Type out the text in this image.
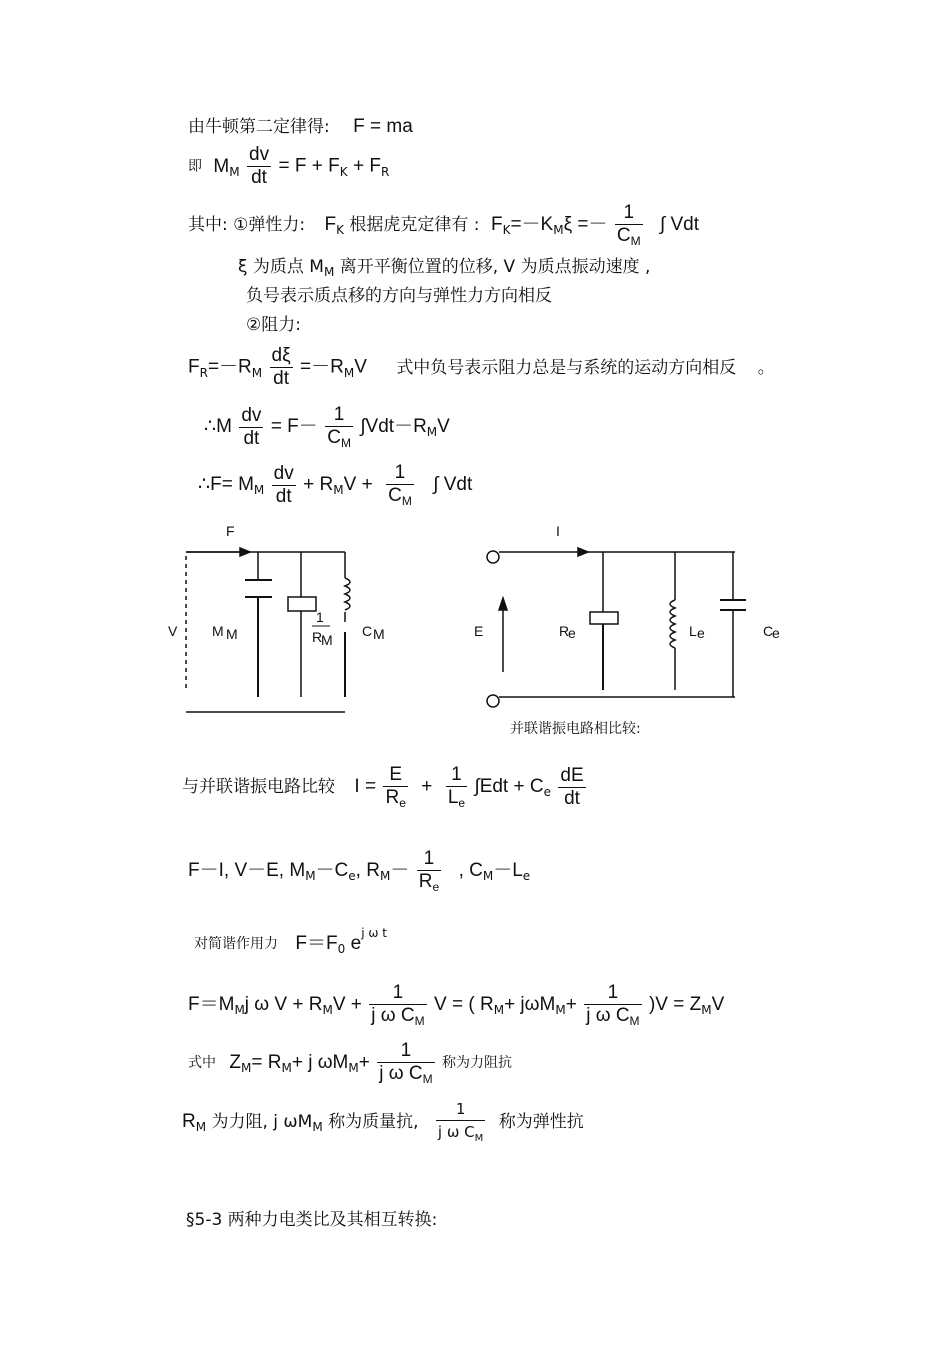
由牛顿第二定律得: F = ma
即 $M_M \frac{dv}{dt} = F + F_K + F_R$
其中: ①弹性力: $F_K$ 根据虎克定律有 : $F_K=-K_M\xi =- \frac{1}{C_M}$ ∫ Vdt
ξ 为质点 $M_M$ 离开平衡位置的位移, V 为质点振动速度 ,
负号表示质点移的方向与弹性力方向相反
②阻力:
$F_R=-R_M \frac{d\xi}{dt} =-R_MV$ 式中负号表示阻力总是与系统的运动方向相反 。
∴M $\frac{dv}{dt} = F- \frac{1}{C_M} \int Vdt-R_MV$
∴F= $M_M \frac{dv}{dt} + R_MV + \frac{1}{C_M}$ ∫ Vdt
F
V M M
1
R
M
C M
I
E	R
e	L e	C
e
并联谐振电路相比较:
与并联谐振电路比较 $I = \frac{E}{R_e} + \frac{1}{L_e} \int Edt + C_e \frac{dE}{dt}$
F－I, V－E, $M_M-C_e$, $R_M- \frac{1}{R_e}$ , $C_M-L_e$
对简谐作用力 $F=F_0$ $e^{j \omega t}$
$F=M_Mj$ ω $V + R_MV + \frac{1}{j \omega C_M}$ V = ( $R_M+ j\omega M_M+ \frac{1}{j \omega C_M} )V = Z_MV$
式中 $Z_M= R_M+ j$ $\omega M_M+ \frac{1}{j \omega C_M}$ 称为力阻抗
$R_M$ 为力阻, j $\omega M_M$ 称为质量抗, $\frac{1}{j \omega C_M}$ 称为弹性抗
§5-3 两种力电类比及其相互转换:
